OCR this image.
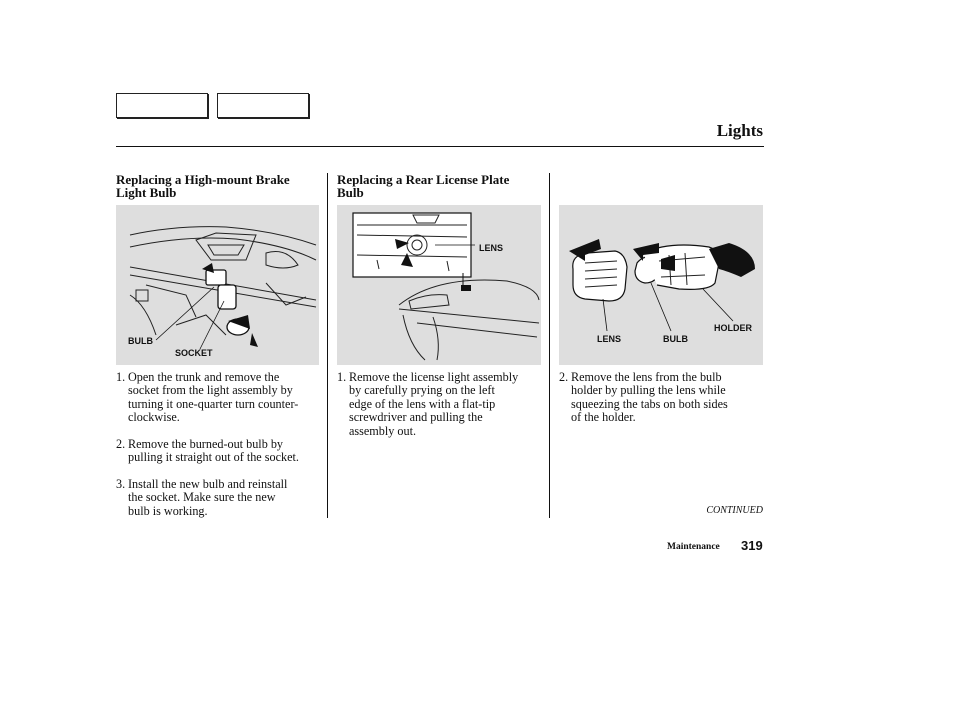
Lights
Replacing a High-mount Brake
Light Bulb
BULB
SOCKET
1. Open the trunk and remove the
socket from the light assembly by
turning it one-quarter turn counter-
clockwise.
2. Remove the burned-out bulb by
pulling it straight out of the socket.
3. Install the new bulb and reinstall
the socket. Make sure the new
bulb is working.
Replacing a Rear License Plate
Bulb
LENS
1. Remove the license light assembly
by carefully prying on the left
edge of the lens with a flat-tip
screwdriver and pulling the
assembly out.
HOLDER
LENS	BULB
2. Remove the lens from the bulb
holder by pulling the lens while
squeezing the tabs on both sides
of the holder.
CONTINUED
Maintenance 319
